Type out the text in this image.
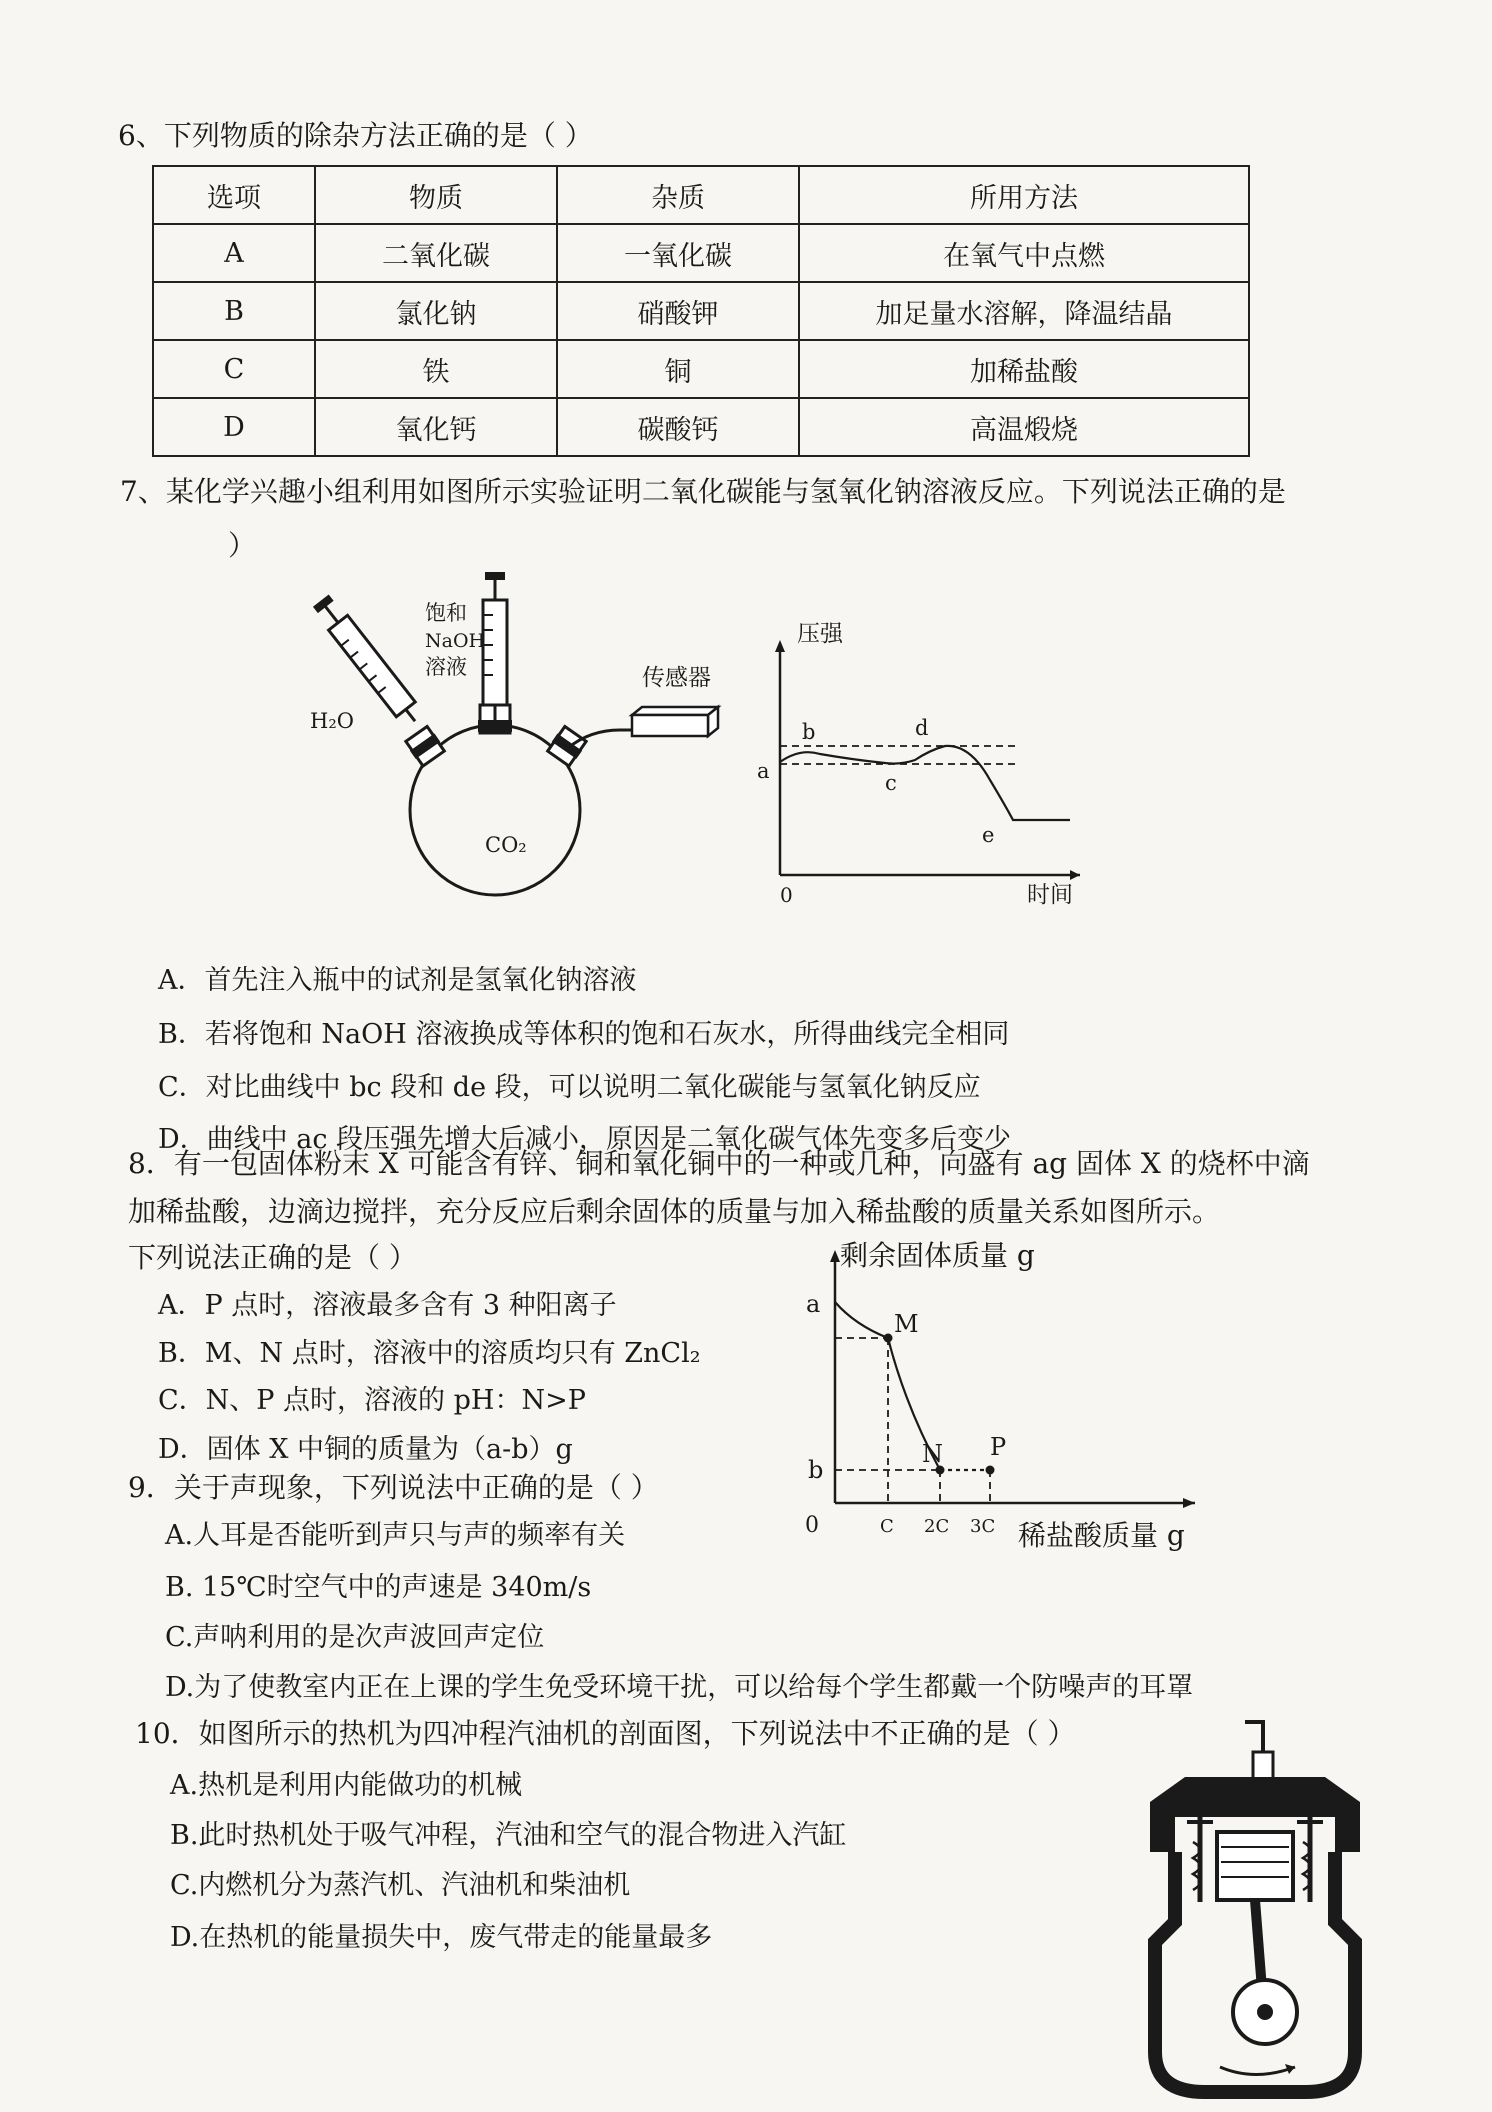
6、下列物质的除杂方法正确的是（ ）
选项	物质	杂质	所用方法
A	二氧化碳	一氧化碳	在氧气中点燃
B	氯化钠	硝酸钾	加足量水溶解，降温结晶
C	铁	铜	加稀盐酸
D	氧化钙	碳酸钙	高温煅烧
7、某化学兴趣小组利用如图所示实验证明二氧化碳能与氢氧化钠溶液反应。下列说法正确的是
）
H₂O
饱和
NaOH
溶液	传感器
CO₂
压强
时间
0
a
b
c
d
e
A．首先注入瓶中的试剂是氢氧化钠溶液
B．若将饱和 NaOH 溶液换成等体积的饱和石灰水，所得曲线完全相同
C．对比曲线中 bc 段和 de 段，可以说明二氧化碳能与氢氧化钠反应
D．曲线中 ac 段压强先增大后减小，原因是二氧化碳气体先变多后变少
8．有一包固体粉末 X 可能含有锌、铜和氧化铜中的一种或几种，向盛有 ag 固体 X 的烧杯中滴
加稀盐酸，边滴边搅拌，充分反应后剩余固体的质量与加入稀盐酸的质量关系如图所示。
下列说法正确的是（ ）
A．P 点时，溶液最多含有 3 种阳离子
B．M、N 点时，溶液中的溶质均只有 ZnCl₂
C．N、P 点时，溶液的 pH：N>P
D．固体 X 中铜的质量为（a-b）g
剩余固体质量 g
稀盐酸质量 g
0
a
b
C 2C 3C
M
N P
9．关于声现象，下列说法中正确的是（ ）
A.人耳是否能听到声只与声的频率有关
B. 15℃时空气中的声速是 340m/s
C.声呐利用的是次声波回声定位
D.为了使教室内正在上课的学生免受环境干扰，可以给每个学生都戴一个防噪声的耳罩
10．如图所示的热机为四冲程汽油机的剖面图，下列说法中不正确的是（ ）
A.热机是利用内能做功的机械
B.此时热机处于吸气冲程，汽油和空气的混合物进入汽缸
C.内燃机分为蒸汽机、汽油机和柴油机
D.在热机的能量损失中，废气带走的能量最多
